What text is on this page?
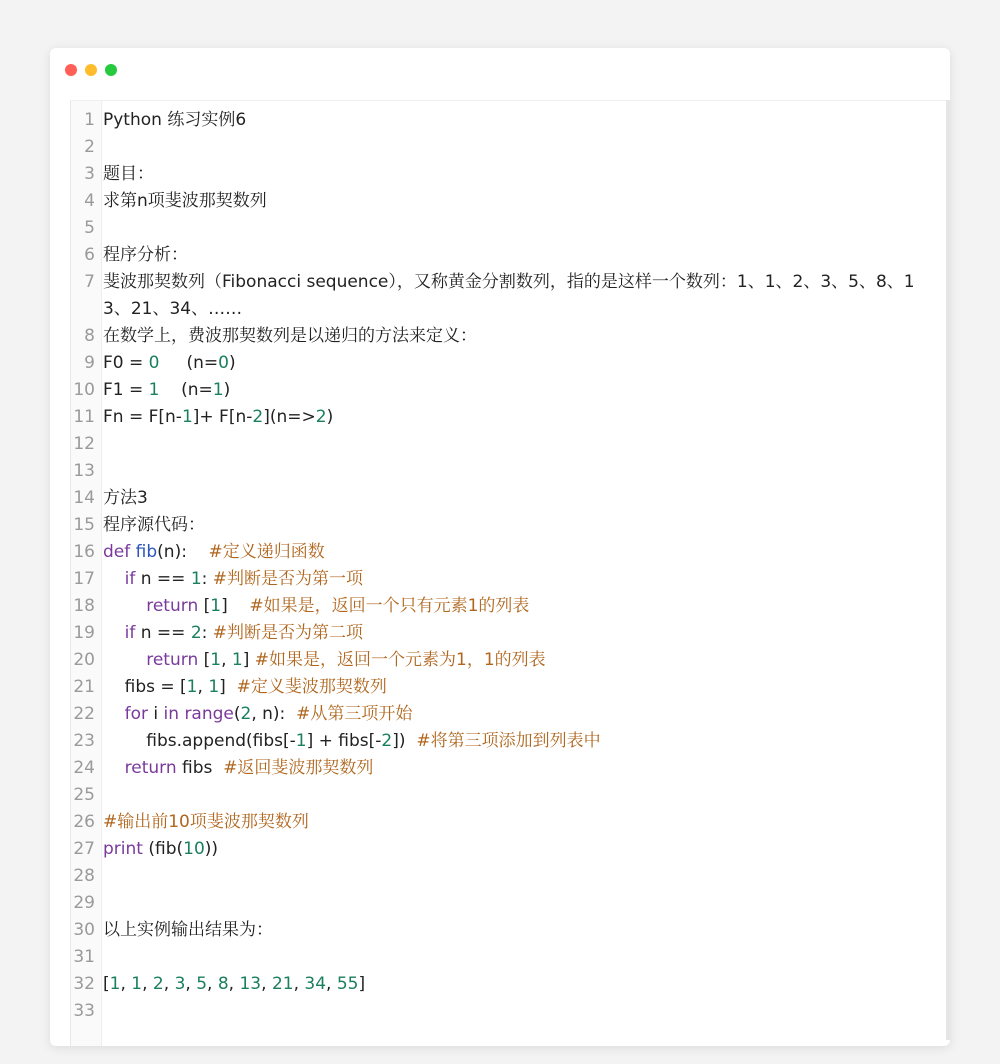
1 Python 练习实例6
2
3 题目：
4 求第n项斐波那契数列
5
6 程序分析：
7 斐波那契数列（Fibonacci sequence），又称黄金分割数列，指的是这样一个数列：1、1、2、3、5、8、13、21、34、……
8 在数学上，费波那契数列是以递归的方法来定义：
9 F0 = 0     (n=0)
10 F1 = 1    (n=1)
11 Fn = F[n-1]+ F[n-2](n=>2)
12
13
14 方法3
15 程序源代码：
16 def fib(n):    #定义递归函数
17	if n == 1: #判断是否为第一项
18	return [1]    #如果是，返回一个只有元素1的列表
19	if n == 2: #判断是否为第二项
20	return [1, 1] #如果是，返回一个元素为1，1的列表
21 fibs = [1, 1]  #定义斐波那契数列
22	for i in range(2, n):  #从第三项开始
23 fibs.append(fibs[-1] + fibs[-2])  #将第三项添加到列表中
24	return fibs  #返回斐波那契数列
25
26 #输出前10项斐波那契数列
27 print (fib(10))
28
29
30 以上实例输出结果为：
31
32 [1, 1, 2, 3, 5, 8, 13, 21, 34, 55]
33
